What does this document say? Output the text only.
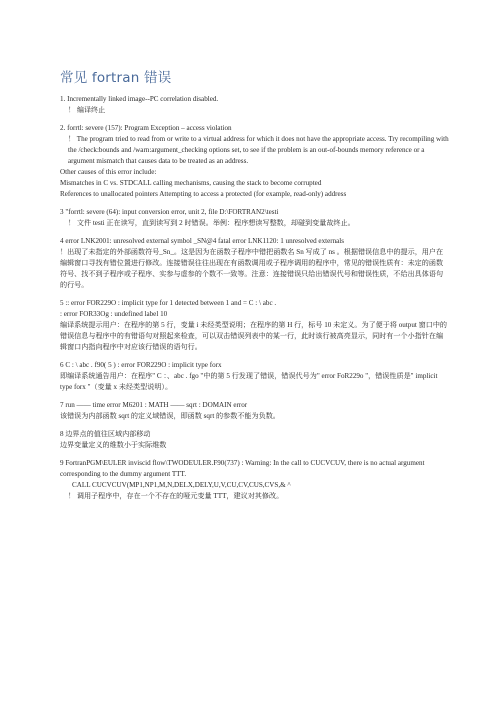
常见 fortran 错误
1. Incrementally linked image--PC correlation disabled.
！ 编译终止
2. forrtl: severe (157): Program Exception – access violation
！ The program tried to read from or write to a virtual address for which it does not have the appropriate access. Try recompiling with the /check:bounds and /warn:argument_checking options set, to see if the problem is an out-of-bounds memory reference or a argument mismatch that causes data to be treated as an address.
Other causes of this error include:
Mismatches in C vs. STDCALL calling mechanisms, causing the stack to become corrupted
References to unallocated pointers Attempting to access a protected (for example, read-only) address
3 "forrtl: severe (64): input conversion error, unit 2, file D:\FORTRAN2\testi
！ 文件 testi 正在读写，直到读写到 2 时错误。举例：程序想读写整数，却碰到变量故终止。
4 error LNK2001: unresolved external symbol _SN@4 fatal error LNK1120: 1 unresolved externals
！出现了未指定的外部函数符号_Sn_。这是因为在函数子程序中错把函数名 Sn 写成了 ns 。根据错误信息中的提示，用户在编辑窗口寻找有错位置进行修改。连接错误往往出现在有函数调用或子程序调用的程序中，常见的错误性质有：未定的函数符号、找不到子程序或子程序、实参与虚参的个数不一致等。注意：连接错误只给出错误代号和错误性质，不给出具体语句的行号。
5 :: error FOR229O : implicit type for 1 detected between 1 and = C : \ abc .
: error FOR33Og : undefined label 10
编译系统提示用户：在程序的第 5 行，变量 i 未经类型说明；在程序的第 H 行，标号 10 未定义。为了便于将 output 窗口中的错误信息与程序中的有错语句对照起来检查，可以双击错误列表中的某一行，此时该行被高亮显示，同时有一个小指针在编辑窗口内指向程序中对应该行错误的语句行。
6 C : \ abc . f90( 5 ) : error FOR229O : implicit type forx
即编译系统通告用户：在程序" C ：、abc . fgo "中的第 5 行发现了错误，错误代号为" error FoR229o "，错误性质是" implicit type forx "（变量 x 未经类型说明）。
7 run —— time error M6201 : MATH —— sqrt : DOMAIN error
该错误为内部函数 sqrt 的定义域错误，即函数 sqrt 的参数不能为负数。
8 边界点的值往区域内部移动
边界变量定义的维数小于实际维数
9 FortranPGM\EULER inviscid flow\TWODEULER.F90(737) : Warning: In the call to CUCVCUV, there is no actual argument corresponding to the dummy argument TTT.
CALL CUCVCUV(MP1,NP1,M,N,DELX,DELY,U,V,CU,CV,CUS,CVS,& ^
！ 调用子程序中，存在一个不存在的哑元变量 TTT，建议对其修改。
